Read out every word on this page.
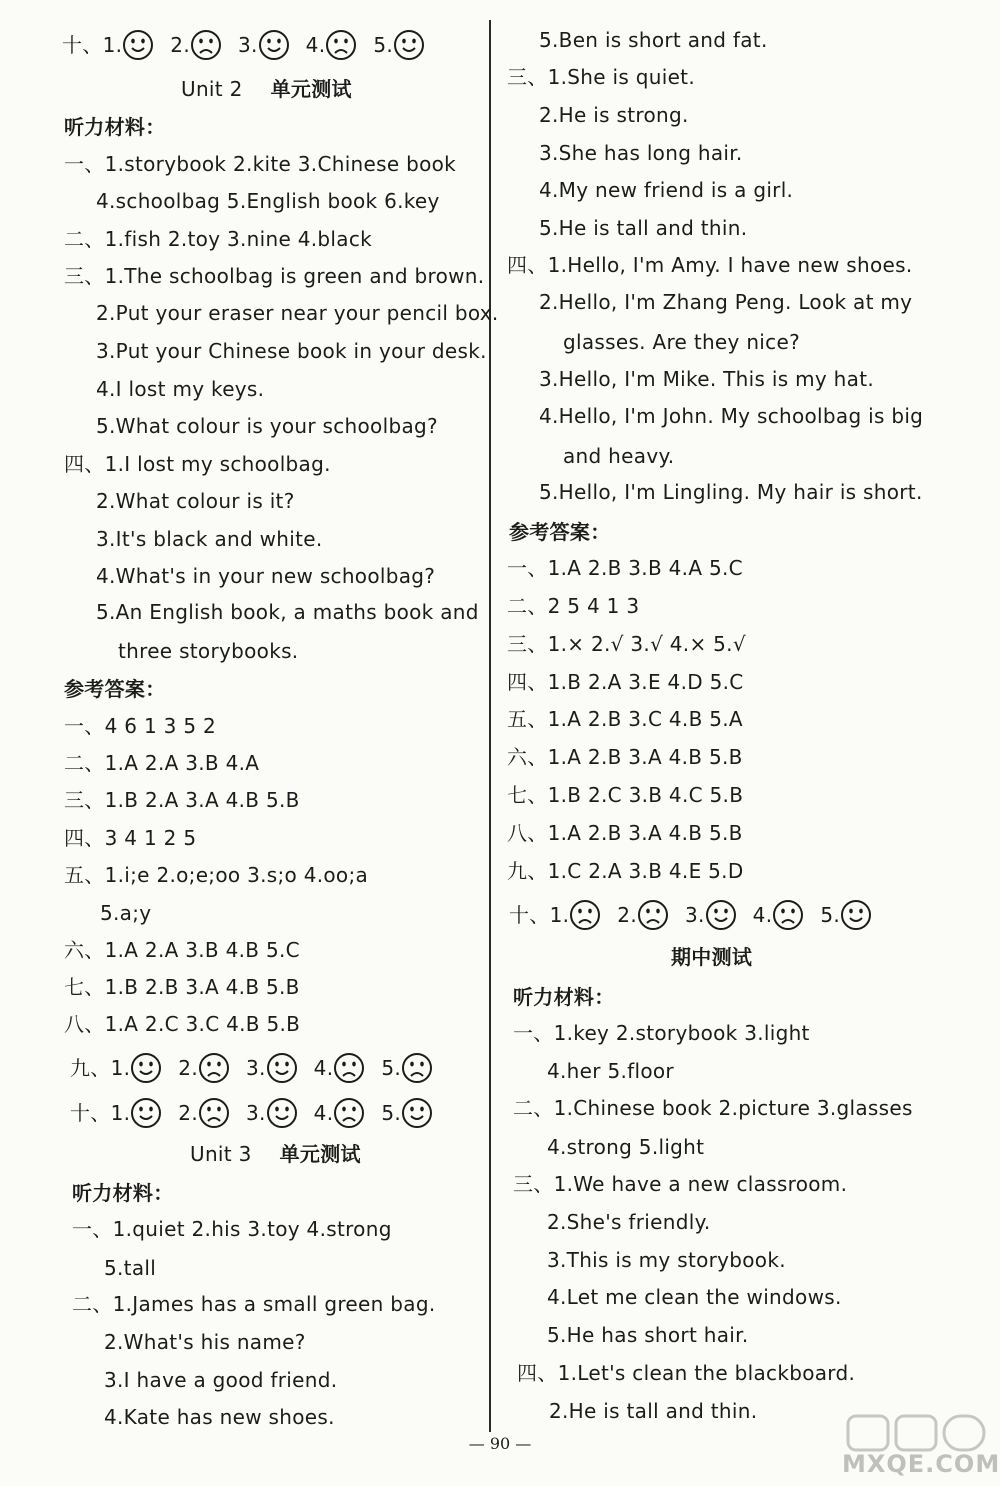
十、 1. 2. 3. 4. 5.
Unit 2 单元测试
听力材料：
一、1.storybook 2.kite 3.Chinese book
4.schoolbag 5.English book 6.key
二、1.fish 2.toy 3.nine 4.black
三、1.The schoolbag is green and brown.
2.Put your eraser near your pencil box.
3.Put your Chinese book in your desk.
4.I lost my keys.
5.What colour is your schoolbag?
四、1.I lost my schoolbag.
2.What colour is it?
3.It's black and white.
4.What's in your new schoolbag?
5.An English book, a maths book and
three storybooks.
参考答案：
一、4 6 1 3 5 2
二、1.A 2.A 3.B 4.A
三、1.B 2.A 3.A 4.B 5.B
四、3 4 1 2 5
五、1.i;e 2.o;e;oo 3.s;o 4.oo;a
5.a;y
六、1.A 2.A 3.B 4.B 5.C
七、1.B 2.B 3.A 4.B 5.B
八、1.A 2.C 3.C 4.B 5.B
九、 1. 2. 3. 4. 5.
十、 1. 2. 3. 4. 5.
Unit 3 单元测试
听力材料：
一、1.quiet 2.his 3.toy 4.strong
5.tall
二、1.James has a small green bag.
2.What's his name?
3.I have a good friend.
4.Kate has new shoes.
5.Ben is short and fat.
三、1.She is quiet.
2.He is strong.
3.She has long hair.
4.My new friend is a girl.
5.He is tall and thin.
四、1.Hello, I'm Amy. I have new shoes.
2.Hello, I'm Zhang Peng. Look at my
glasses. Are they nice?
3.Hello, I'm Mike. This is my hat.
4.Hello, I'm John. My schoolbag is big
and heavy.
5.Hello, I'm Lingling. My hair is short.
参考答案：
一、1.A 2.B 3.B 4.A 5.C
二、2 5 4 1 3
三、1.× 2.√ 3.√ 4.× 5.√
四、1.B 2.A 3.E 4.D 5.C
五、1.A 2.B 3.C 4.B 5.A
六、1.A 2.B 3.A 4.B 5.B
七、1.B 2.C 3.B 4.C 5.B
八、1.A 2.B 3.A 4.B 5.B
九、1.C 2.A 3.B 4.E 5.D
十、 1. 2. 3. 4. 5.
期中测试
听力材料：
一、1.key 2.storybook 3.light
4.her 5.floor
二、1.Chinese book 2.picture 3.glasses
4.strong 5.light
三、1.We have a new classroom.
2.She's friendly.
3.This is my storybook.
4.Let me clean the windows.
5.He has short hair.
四、1.Let's clean the blackboard.
2.He is tall and thin.
— 90 —
MXQE.COM
